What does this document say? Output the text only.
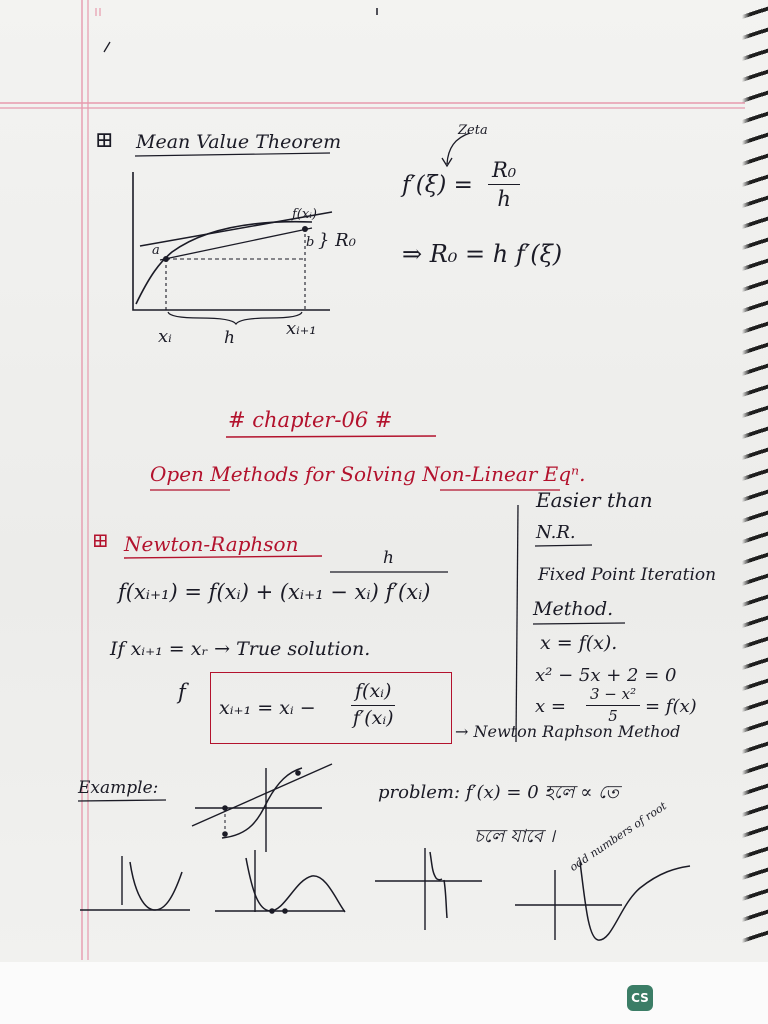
⊞ Mean Value Theorem
Zeta
$f'(\xi) = \frac{\text{R₀}}{h}$
⇒ R₀ = h f′(ξ)
f(xᵢ)
a
b } R₀
xᵢ	h	xᵢ₊₁
# chapter-06 #
Open Methods for Solving Non-Linear Eqⁿ.
Easier than
N.R.
Fixed Point Iteration
Method.
x = f(x).
x² − 5x + 2 = 0
$x = \frac{\text{3 − x²}}{5} = f(x)$
⊞ Newton-Raphson
h
f(xᵢ₊₁) = f(xᵢ) + (xᵢ₊₁ − xᵢ) f′(xᵢ)
If xᵢ₊₁ = xᵣ → True solution.
f
xᵢ₊₁ = xᵢ − $\frac{\text{f(xᵢ)}}{\text{f′(xᵢ)}}$
→ Newton Raphson Method
Example:	problem: f′(x) = 0 হলে ∝ তে
চলে যাবে । odd numbers of root
CS
